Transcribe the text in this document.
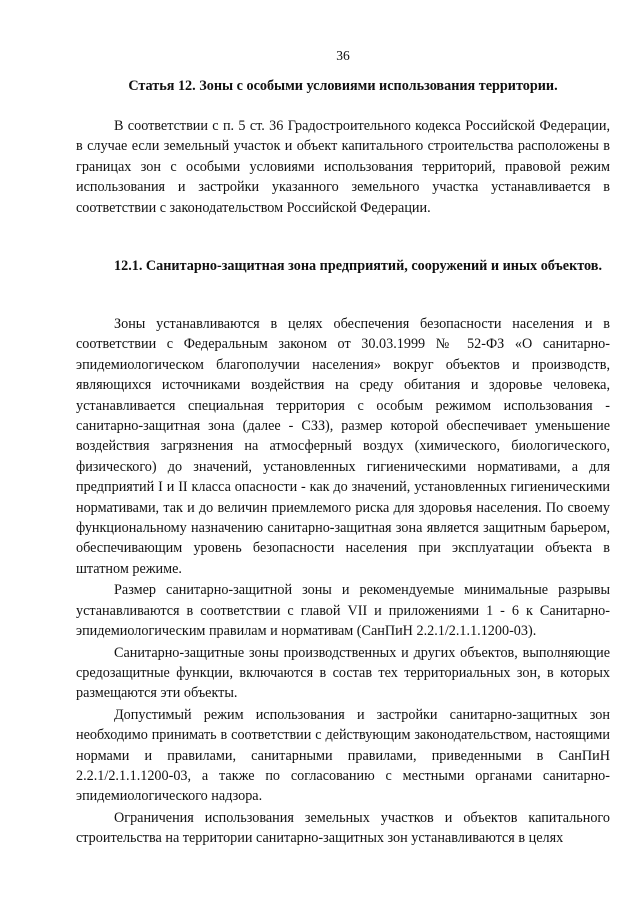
36
Статья 12. Зоны с особыми условиями использования территории.

В соответствии с п. 5 ст. 36 Градостроительного кодекса Российской Федерации, в случае если земельный участок и объект капитального строительства расположены в границах зон с особыми условиями использования территорий, правовой режим использования и застройки указанного земельного участка устанавливается в соответствии с законодательством Российской Федерации.

12.1. Санитарно-защитная зона предприятий, сооружений и иных объектов.

Зоны устанавливаются в целях обеспечения безопасности населения и в соответствии с Федеральным законом от 30.03.1999 № 52-ФЗ «О санитарно-эпидемиологическом благополучии населения» вокруг объектов и производств, являющихся источниками воздействия на среду обитания и здоровье человека, устанавливается специальная территория с особым режимом использования - санитарно-защитная зона (далее - СЗЗ), размер которой обеспечивает уменьшение воздействия загрязнения на атмосферный воздух (химического, биологического, физического) до значений, установленных гигиеническими нормативами, а для предприятий I и II класса опасности - как до значений, установленных гигиеническими нормативами, так и до величин приемлемого риска для здоровья населения. По своему функциональному назначению санитарно-защитная зона является защитным барьером, обеспечивающим уровень безопасности населения при эксплуатации объекта в штатном режиме.

Размер санитарно-защитной зоны и рекомендуемые минимальные разрывы устанавливаются в соответствии с главой VII и приложениями 1 - 6 к Санитарно-эпидемиологическим правилам и нормативам (СанПиН 2.2.1/2.1.1.1200-03).

Санитарно-защитные зоны производственных и других объектов, выполняющие средозащитные функции, включаются в состав тех территориальных зон, в которых размещаются эти объекты.

Допустимый режим использования и застройки санитарно-защитных зон необходимо принимать в соответствии с действующим законодательством, настоящими нормами и правилами, санитарными правилами, приведенными в СанПиН 2.2.1/2.1.1.1200-03, а также по согласованию с местными органами санитарно-эпидемиологического надзора.

Ограничения использования земельных участков и объектов капитального строительства на территории санитарно-защитных зон устанавливаются в целях
